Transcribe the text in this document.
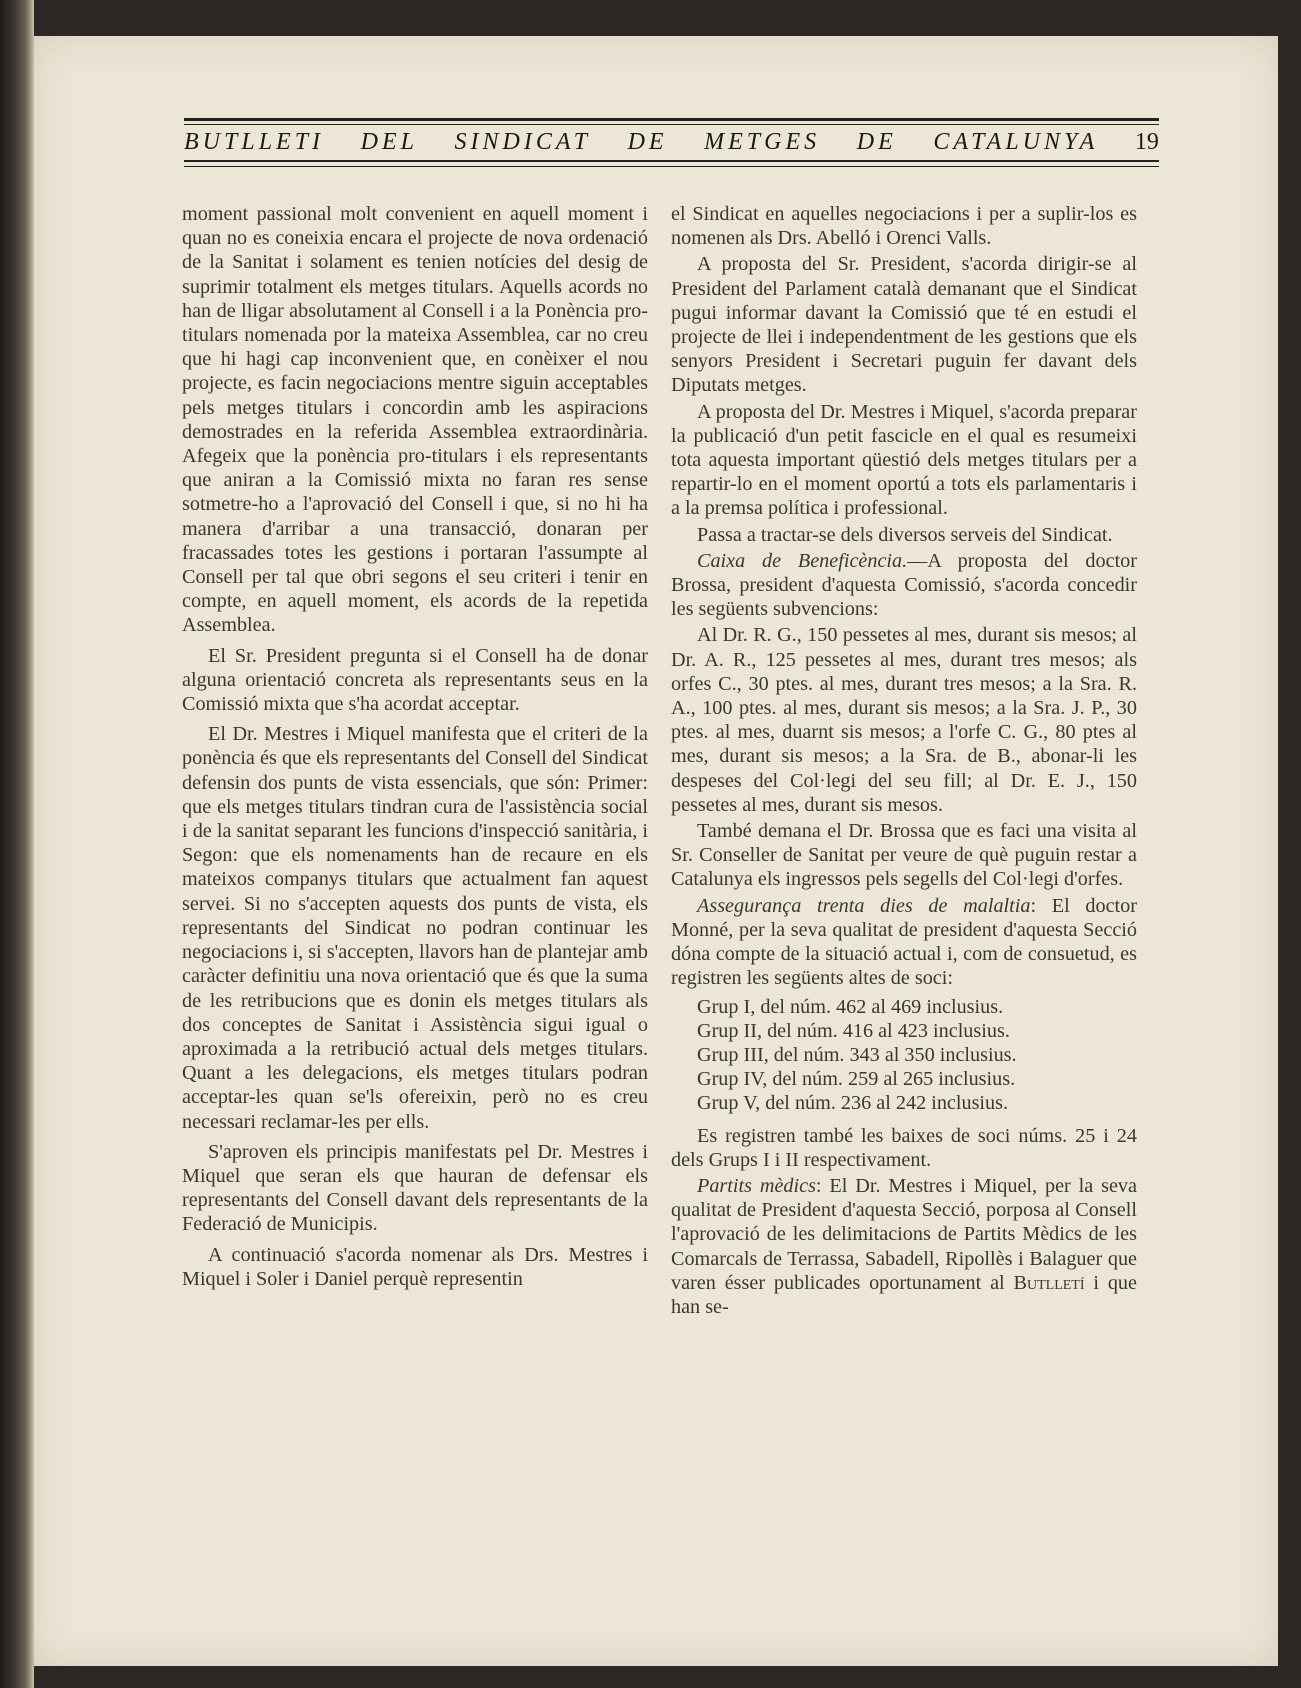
BUTLLETI DEL SINDICAT DE METGES DE CATALUNYA 19

moment passional molt convenient en aquell moment i quan no es coneixia encara el projecte de nova ordenació de la Sanitat i solament es tenien notícies del desig de suprimir totalment els metges titulars. Aquells acords no han de lligar absolutament al Consell i a la Ponència pro-titulars nomenada por la mateixa Assemblea, car no creu que hi hagi cap inconvenient que, en conèixer el nou projecte, es facin negociacions mentre siguin acceptables pels metges titulars i concordin amb les aspiracions demostrades en la referida Assemblea extraordinària. Afegeix que la ponència pro-titulars i els representants que aniran a la Comissió mixta no faran res sense sotmetre-ho a l'aprovació del Consell i que, si no hi ha manera d'arribar a una transacció, donaran per fracassades totes les gestions i portaran l'assumpte al Consell per tal que obri segons el seu criteri i tenir en compte, en aquell moment, els acords de la repetida Assemblea.

El Sr. President pregunta si el Consell ha de donar alguna orientació concreta als representants seus en la Comissió mixta que s'ha acordat acceptar.

El Dr. Mestres i Miquel manifesta que el criteri de la ponència és que els representants del Consell del Sindicat defensin dos punts de vista essencials, que són: Primer: que els metges titulars tindran cura de l'assistència social i de la sanitat separant les funcions d'inspecció sanitària, i Segon: que els nomenaments han de recaure en els mateixos companys titulars que actualment fan aquest servei. Si no s'accepten aquests dos punts de vista, els representants del Sindicat no podran continuar les negociacions i, si s'accepten, llavors han de plantejar amb caràcter definitiu una nova orientació que és que la suma de les retribucions que es donin els metges titulars als dos conceptes de Sanitat i Assistència sigui igual o aproximada a la retribució actual dels metges titulars. Quant a les delegacions, els metges titulars podran acceptar-les quan se'ls ofereixin, però no es creu necessari reclamar-les per ells.

S'aproven els principis manifestats pel Dr. Mestres i Miquel que seran els que hauran de defensar els representants del Consell davant dels representants de la Federació de Municipis.

A continuació s'acorda nomenar als Drs. Mestres i Miquel i Soler i Daniel perquè representin

el Sindicat en aquelles negociacions i per a suplir-los es nomenen als Drs. Abelló i Orenci Valls.

A proposta del Sr. President, s'acorda dirigir-se al President del Parlament català demanant que el Sindicat pugui informar davant la Comissió que té en estudi el projecte de llei i independentment de les gestions que els senyors President i Secretari puguin fer davant dels Diputats metges.

A proposta del Dr. Mestres i Miquel, s'acorda preparar la publicació d'un petit fascicle en el qual es resumeixi tota aquesta important qüestió dels metges titulars per a repartir-lo en el moment oportú a tots els parlamentaris i a la premsa política i professional.

Passa a tractar-se dels diversos serveis del Sindicat.

Caixa de Beneficència.—A proposta del doctor Brossa, president d'aquesta Comissió, s'acorda concedir les següents subvencions:

Al Dr. R. G., 150 pessetes al mes, durant sis mesos; al Dr. A. R., 125 pessetes al mes, durant tres mesos; als orfes C., 30 ptes. al mes, durant tres mesos; a la Sra. R. A., 100 ptes. al mes, durant sis mesos; a la Sra. J. P., 30 ptes. al mes, duarnt sis mesos; a l'orfe C. G., 80 ptes al mes, durant sis mesos; a la Sra. de B., abonar-li les despeses del Col·legi del seu fill; al Dr. E. J., 150 pessetes al mes, durant sis mesos.

També demana el Dr. Brossa que es faci una visita al Sr. Conseller de Sanitat per veure de què puguin restar a Catalunya els ingressos pels segells del Col·legi d'orfes.

Assegurança trenta dies de malaltia: El doctor Monné, per la seva qualitat de president d'aquesta Secció dóna compte de la situació actual i, com de consuetud, es registren les següents altes de soci:

Grup I, del núm. 462 al 469 inclusius.
Grup II, del núm. 416 al 423 inclusius.
Grup III, del núm. 343 al 350 inclusius.
Grup IV, del núm. 259 al 265 inclusius.
Grup V, del núm. 236 al 242 inclusius.

Es registren també les baixes de soci núms. 25 i 24 dels Grups I i II respectivament.

Partits mèdics: El Dr. Mestres i Miquel, per la seva qualitat de President d'aquesta Secció, porposa al Consell l'aprovació de les delimitacions de Partits Mèdics de les Comarcals de Terrassa, Sabadell, Ripollès i Balaguer que varen ésser publicades oportunament al Butlletí i que han se-
